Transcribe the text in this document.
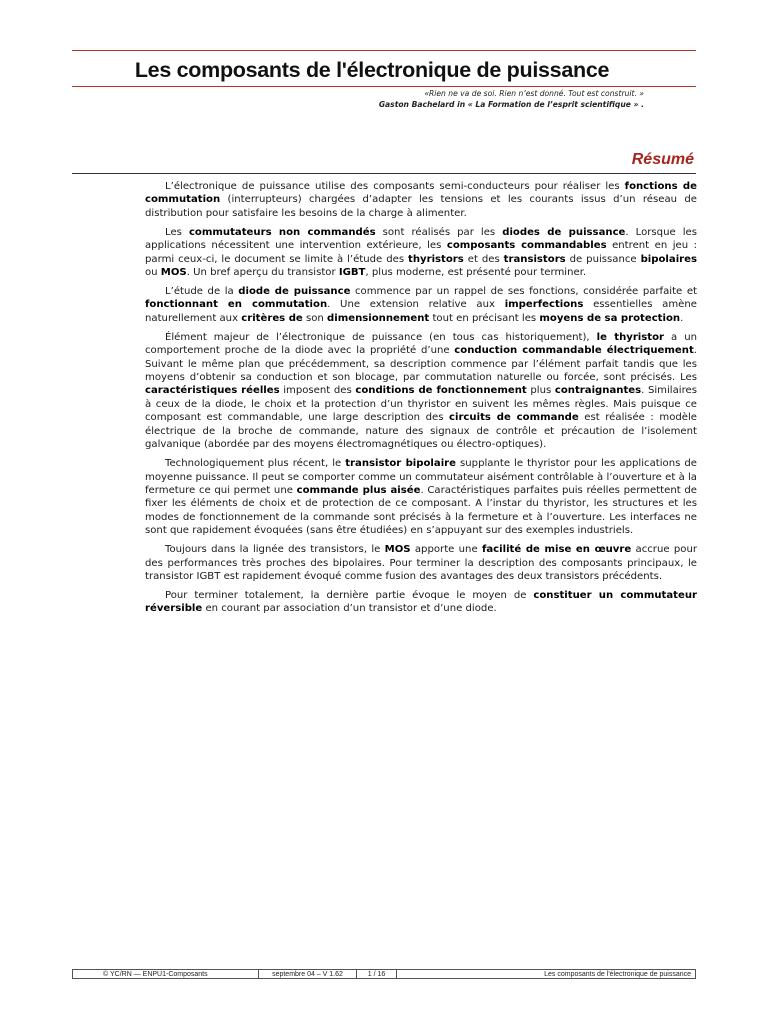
Les composants de l'électronique de puissance
«Rien ne va de soi. Rien n’est donné. Tout est construit. »
Gaston Bachelard in « La Formation de l’esprit scientifique » .
Résumé

L’électronique de puissance utilise des composants semi-conducteurs pour réaliser les fonctions de commutation (interrupteurs) chargées d’adapter les tensions et les courants issus d’un réseau de distribution pour satisfaire les besoins de la charge à alimenter.

Les commutateurs non commandés sont réalisés par les diodes de puissance. Lorsque les applications nécessitent une intervention extérieure, les composants commandables entrent en jeu : parmi ceux-ci, le document se limite à l’étude des thyristors et des transistors de puissance bipolaires ou MOS. Un bref aperçu du transistor IGBT, plus moderne, est présenté pour terminer.

L’étude de la diode de puissance commence par un rappel de ses fonctions, considérée parfaite et fonctionnant en commutation. Une extension relative aux imperfections essentielles amène naturellement aux critères de son dimensionnement tout en précisant les moyens de sa protection.

Élément majeur de l’électronique de puissance (en tous cas historiquement), le thyristor a un comportement proche de la diode avec la propriété d’une conduction commandable électriquement. Suivant le même plan que précédemment, sa description commence par l’élément parfait tandis que les moyens d’obtenir sa conduction et son blocage, par commutation naturelle ou forcée, sont précisés. Les caractéristiques réelles imposent des conditions de fonctionnement plus contraignantes. Similaires à ceux de la diode, le choix et la protection d’un thyristor en suivent les mêmes règles. Mais puisque ce composant est commandable, une large description des circuits de commande est réalisée : modèle électrique de la broche de commande, nature des signaux de contrôle et précaution de l’isolement galvanique (abordée par des moyens électromagnétiques ou électro-optiques).

Technologiquement plus récent, le transistor bipolaire supplante le thyristor pour les applications de moyenne puissance. Il peut se comporter comme un commutateur aisément contrôlable à l’ouverture et à la fermeture ce qui permet une commande plus aisée. Caractéristiques parfaites puis réelles permettent de fixer les éléments de choix et de protection de ce composant. A l’instar du thyristor, les structures et les modes de fonctionnement de la commande sont précisés à la fermeture et à l’ouverture. Les interfaces ne sont que rapidement évoquées (sans être étudiées) en s’appuyant sur des exemples industriels.

Toujours dans la lignée des transistors, le MOS apporte une facilité de mise en œuvre accrue pour des performances très proches des bipolaires. Pour terminer la description des composants principaux, le transistor IGBT est rapidement évoqué comme fusion des avantages des deux transistors précédents.

Pour terminer totalement, la dernière partie évoque le moyen de constituer un commutateur réversible en courant par association d’un transistor et d’une diode.

© YC/RN — ENPU1-Composants	septembre 04 – V 1.62	1 / 16	Les composants de l'électronique de puissance
